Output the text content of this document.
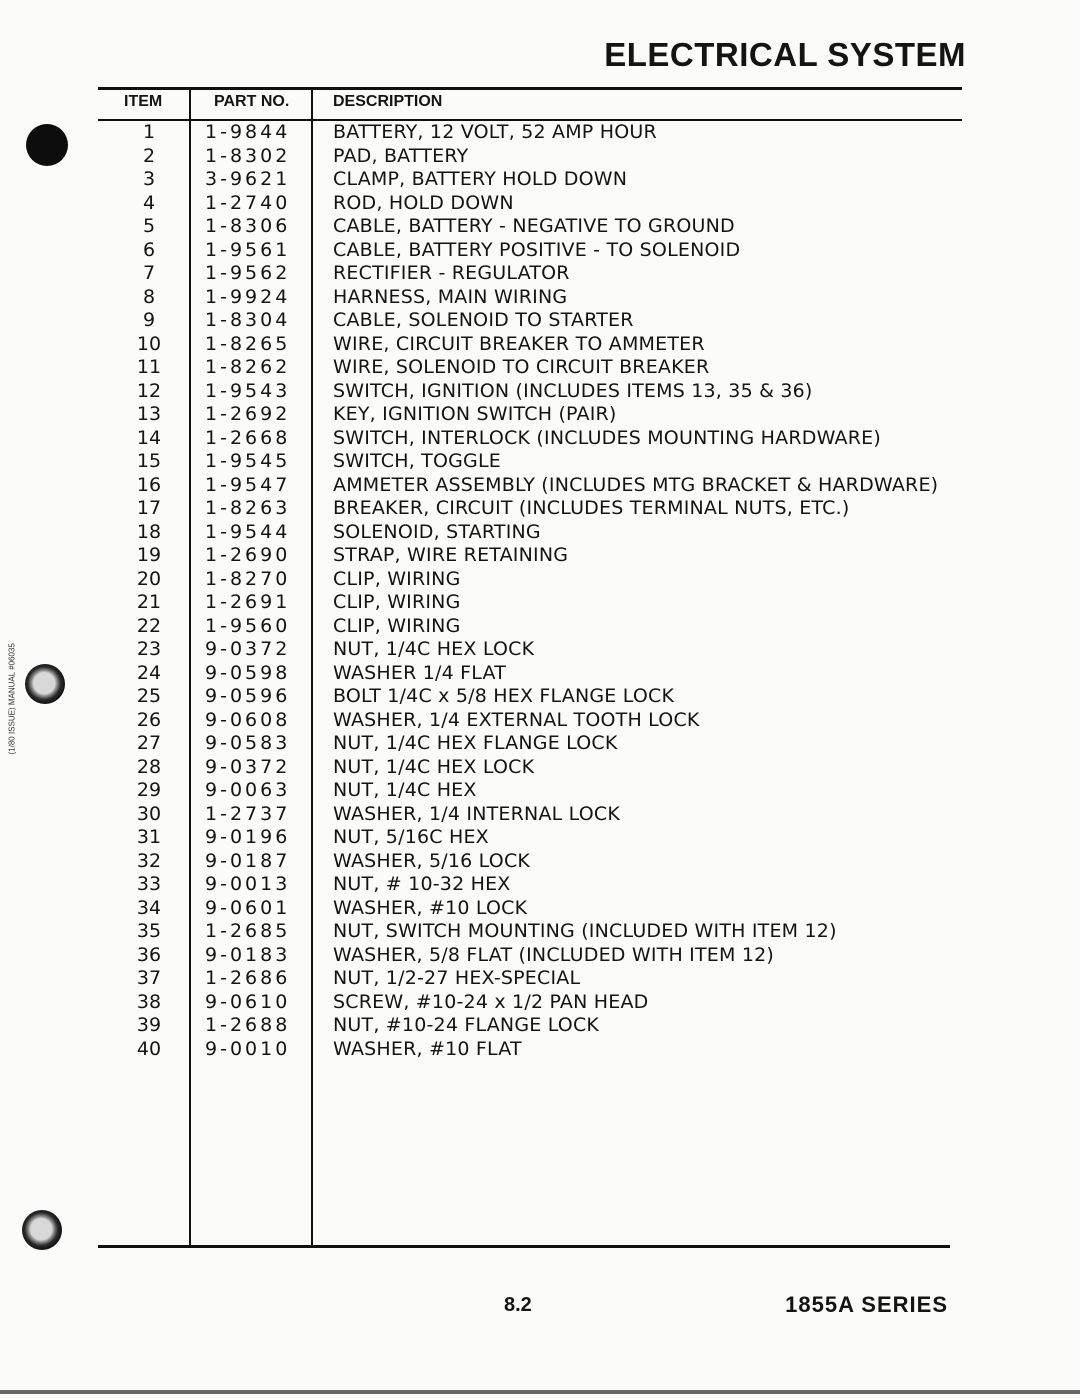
ELECTRICAL SYSTEM
(1/80 ISSUE) MANUAL #06035
ITEM	PART NO.	DESCRIPTION
1	1-9844 BATTERY, 12 VOLT, 52 AMP HOUR
2	1-8302 PAD, BATTERY
3	3-9621 CLAMP, BATTERY HOLD DOWN
4	1-2740 ROD, HOLD DOWN
5	1-8306 CABLE, BATTERY - NEGATIVE TO GROUND
6	1-9561 CABLE, BATTERY POSITIVE - TO SOLENOID
7	1-9562 RECTIFIER - REGULATOR
8	1-9924 HARNESS, MAIN WIRING
9	1-8304 CABLE, SOLENOID TO STARTER
10	1-8265 WIRE, CIRCUIT BREAKER TO AMMETER
11	1-8262 WIRE, SOLENOID TO CIRCUIT BREAKER
12	1-9543 SWITCH, IGNITION (INCLUDES ITEMS 13, 35 & 36)
13	1-2692 KEY, IGNITION SWITCH (PAIR)
14	1-2668 SWITCH, INTERLOCK (INCLUDES MOUNTING HARDWARE)
15	1-9545 SWITCH, TOGGLE
16	1-9547 AMMETER ASSEMBLY (INCLUDES MTG BRACKET & HARDWARE)
17	1-8263 BREAKER, CIRCUIT (INCLUDES TERMINAL NUTS, ETC.)
18	1-9544 SOLENOID, STARTING
19	1-2690 STRAP, WIRE RETAINING
20	1-8270 CLIP, WIRING
21	1-2691 CLIP, WIRING
22	1-9560 CLIP, WIRING
23	9-0372 NUT, 1/4C HEX LOCK
24	9-0598 WASHER 1/4 FLAT
25	9-0596 BOLT 1/4C x 5/8 HEX FLANGE LOCK
26	9-0608 WASHER, 1/4 EXTERNAL TOOTH LOCK
27	9-0583 NUT, 1/4C HEX FLANGE LOCK
28	9-0372 NUT, 1/4C HEX LOCK
29	9-0063 NUT, 1/4C HEX
30	1-2737 WASHER, 1/4 INTERNAL LOCK
31	9-0196 NUT, 5/16C HEX
32	9-0187 WASHER, 5/16 LOCK
33	9-0013 NUT, # 10-32 HEX
34	9-0601 WASHER, #10 LOCK
35	1-2685 NUT, SWITCH MOUNTING (INCLUDED WITH ITEM 12)
36	9-0183 WASHER, 5/8 FLAT (INCLUDED WITH ITEM 12)
37	1-2686 NUT, 1/2-27 HEX-SPECIAL
38	9-0610 SCREW, #10-24 x 1/2 PAN HEAD
39	1-2688 NUT, #10-24 FLANGE LOCK
40	9-0010 WASHER, #10 FLAT
8.2	1855A SERIES
